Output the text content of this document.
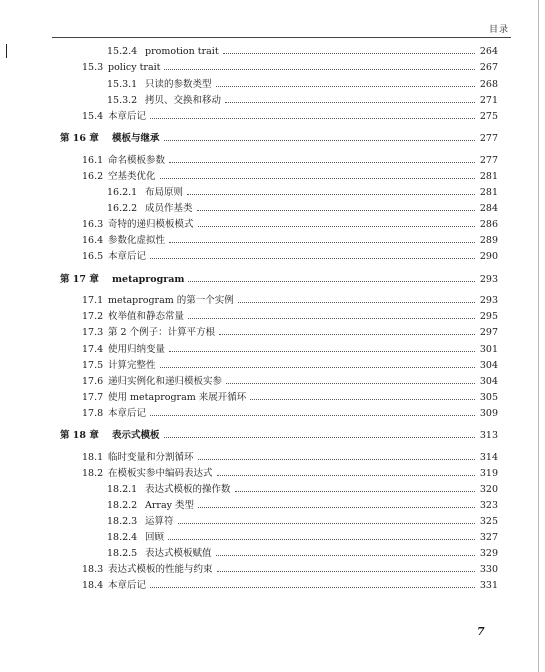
目录
15.2.4 promotion trait	264
15.3 policy trait	267
15.3.1 只读的参数类型	268
15.3.2 拷贝、交换和移动	271
15.4 本章后记	275
第 16 章	模板与继承	277
16.1 命名模板参数	277
16.2 空基类优化	281
16.2.1 布局原则	281
16.2.2 成员作基类	284
16.3 奇特的递归模板模式	286
16.4 参数化虚拟性	289
16.5 本章后记	290
第 17 章	metaprogram	293
17.1 metaprogram 的第一个实例	293
17.2 枚举值和静态常量	295
17.3 第 2 个例子：计算平方根	297
17.4 使用归纳变量	301
17.5 计算完整性	304
17.6 递归实例化和递归模板实参	304
17.7 使用 metaprogram 来展开循环	305
17.8 本章后记	309
第 18 章	表示式模板	313
18.1 临时变量和分割循环	314
18.2 在模板实参中编码表达式	319
18.2.1 表达式模板的操作数	320
18.2.2 Array 类型	323
18.2.3 运算符	325
18.2.4 回顾	327
18.2.5 表达式模板赋值	329
18.3 表达式模板的性能与约束	330
18.4 本章后记	331
7
